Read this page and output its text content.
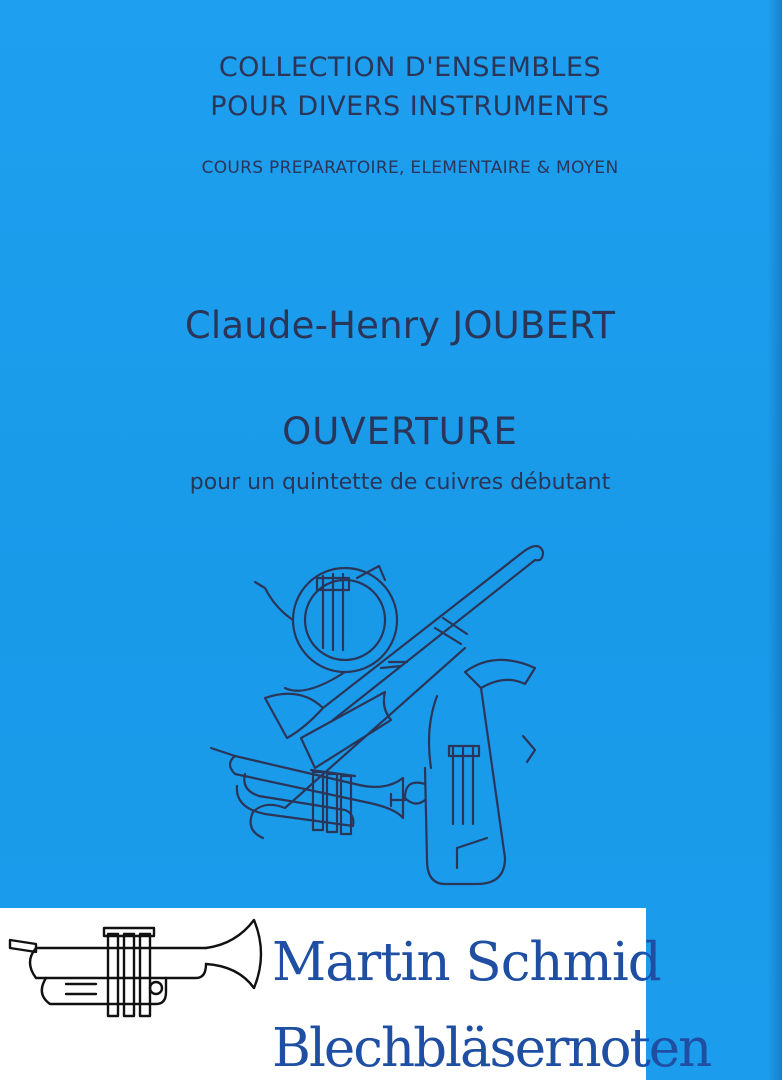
COLLECTION D'ENSEMBLES
POUR DIVERS INSTRUMENTS
COURS PREPARATOIRE, ELEMENTAIRE & MOYEN
Claude-Henry JOUBERT
OUVERTURE
pour un quintette de cuivres débutant
Martin Schmid
Blechbläsernoten
